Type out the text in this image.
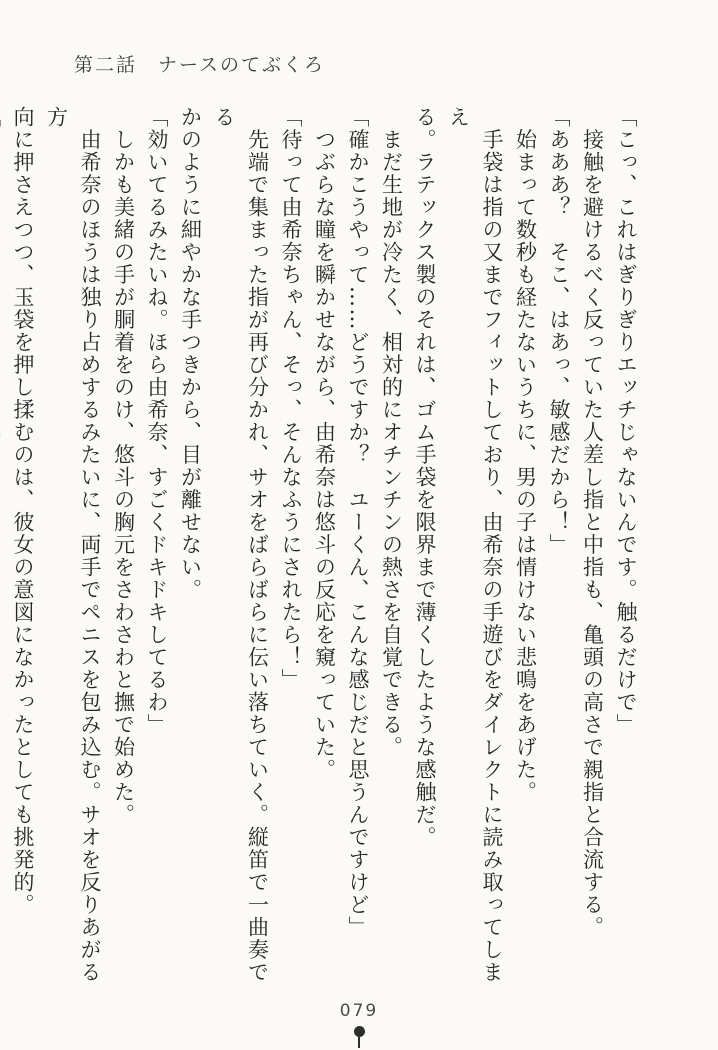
第二話　ナースのてぶくろ

「こっ、これはぎりぎりエッチじゃないんです。触るだけで」

　接触を避けるべく反っていた人差し指と中指も、亀頭の高さで親指と合流する。

「あああ？　そこ、はあっ、敏感だから！」

　始まって数秒も経たないうちに、男の子は情けない悲鳴をあげた。

　手袋は指の又までフィットしており、由希奈の手遊びをダイレクトに読み取ってしまえ

る。ラテックス製のそれは、ゴム手袋を限界まで薄くしたような感触だ。

　まだ生地が冷たく、相対的にオチンチンの熱さを自覚できる。

「確かこうやって……どうですか？　ユーくん、こんな感じだと思うんですけど」

　つぶらな瞳を瞬かせながら、由希奈は悠斗の反応を窺っていた。

「待って由希奈ちゃん、そっ、そんなふうにされたら！」

　先端で集まった指が再び分かれ、サオをばらばらに伝い落ちていく。縦笛で一曲奏でる

かのように細やかな手つきから、目が離せない。

「効いてるみたいね。ほら由希奈、すごくドキドキしてるわ」

　しかも美緒の手が胴着をのけ、悠斗の胸元をさわさわと撫で始めた。

　由希奈のほうは独り占めするみたいに、両手でペニスを包み込む。サオを反りあがる方

向に押さえつつ、玉袋を押し揉むのは、彼女の意図になかったとしても挑発的。

079
